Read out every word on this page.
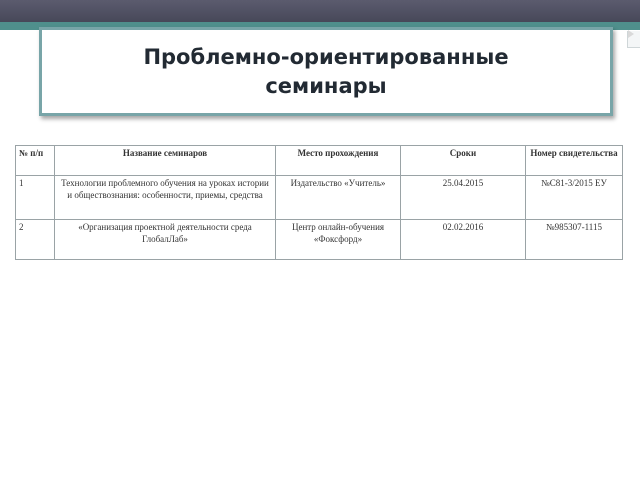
Проблемно-ориентированные семинары
№ п/п	Название семинаров	Место прохождения	Сроки	Номер свидетельства
1	Технологии проблемного обучения на уроках истории и обществознания: особенности, приемы, средства	Издательство «Учитель»	25.04.2015	№С81-3/2015 ЕУ
2	«Организация проектной деятельности среда ГлобалЛаб»	Центр онлайн-обучения «Фоксфорд»	02.02.2016	№985307-1115
